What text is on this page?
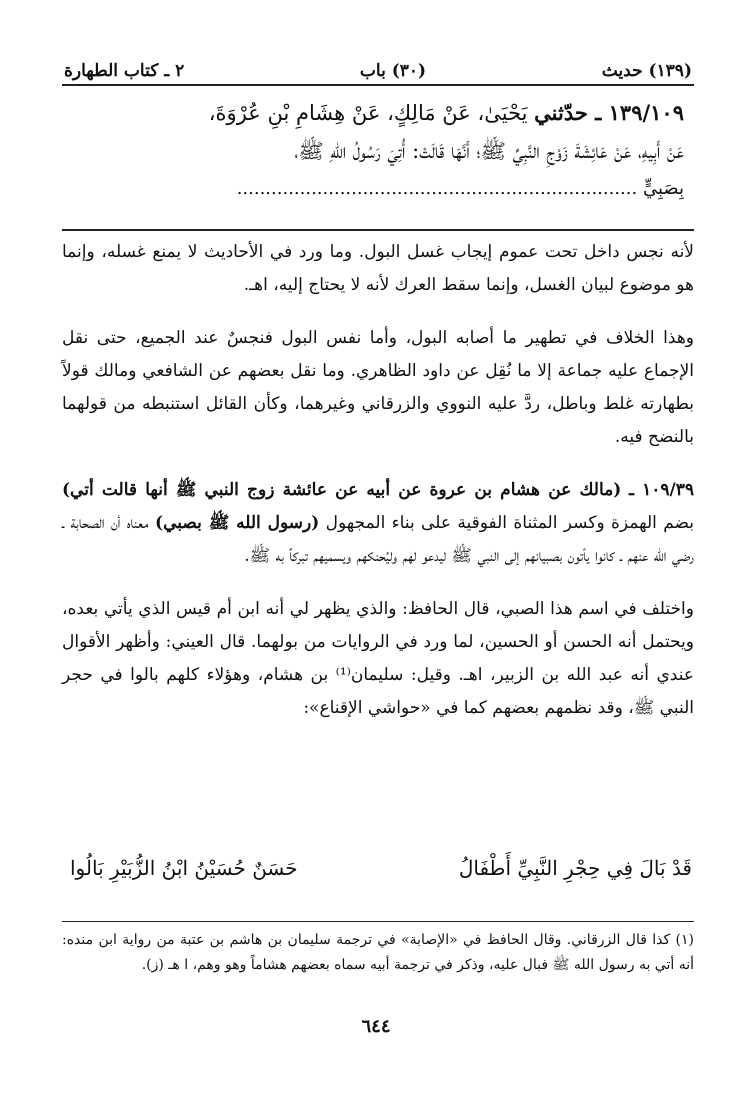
٢ ـ كتاب الطهارة	(٣٠) باب	(١٣٩) حديث
١٣٩/١٠٩ ـ حدّثني يَحْيَىٰ، عَنْ مَالِكٍ، عَنْ هِشَامِ بْنِ عُرْوَةَ،
عَنْ أَبِيهِ، عَنْ عَائِشَةَ زَوْجِ النَّبِيِّ ﷺ؛ أَنَّهَا قَالَتْ: أُتِيَ رَسُولُ اللّهِ ﷺ،
بِصَبِيٍّ ......................................................................

لأنه نجس داخل تحت عموم إيجاب غسل البول. وما ورد في الأحاديث لا يمنع غسله، وإنما هو موضوع لبيان الغسل، وإنما سقط العرك لأنه لا يحتاج إليه، اهـ.

وهذا الخلاف في تطهير ما أصابه البول، وأما نفس البول فنجسٌ عند الجميع، حتى نقل الإجماع عليه جماعة إلا ما نُقِل عن داود الظاهري. وما نقل بعضهم عن الشافعي ومالك قولاً بطهارته غلط وباطل، ردَّ عليه النووي والزرقاني وغيرهما، وكأن القائل استنبطه من قولهما بالنضح فيه.

١٠٩/٣٩ ـ (مالك عن هشام بن عروة عن أبيه عن عائشة زوج النبي ﷺ أنها قالت أتي) بضم الهمزة وكسر المثناة الفوقية على بناء المجهول (رسول الله ﷺ بصبي) معناه أن الصحابة ـ رضي الله عنهم ـ كانوا يأتون بصبيانهم إلى النبي ﷺ ليدعو لهم وليُحنكهم ويسميهم تبركاً به ﷺ.

واختلف في اسم هذا الصبي، قال الحافظ: والذي يظهر لي أنه ابن أم قيس الذي يأتي بعده، ويحتمل أنه الحسن أو الحسين، لما ورد في الروايات من بولهما. قال العيني: وأظهر الأقوال عندي أنه عبد الله بن الزبير، اهـ. وقيل: سليمان⁽¹⁾ بن هشام، وهؤلاء كلهم بالوا في حجر النبي ﷺ، وقد نظمهم بعضهم كما في «حواشي الإقناع»:

قَدْ بَالَ فِي حِجْرِ النَّبِيِّ أَطْفَالُ
حَسَنٌ حُسَيْنُ ابْنُ الزُّبَيْرِ بَالُوا

(١) كذا قال الزرقاني. وقال الحافظ في «الإصابة» في ترجمة سليمان بن هاشم بن عتبة من رواية ابن منده: أنه أتي به رسول الله ﷺ فبال عليه، وذكر في ترجمة أبيه سماه بعضهم هشاماً وهو وهم، ا هـ (ز).

٦٤٤
